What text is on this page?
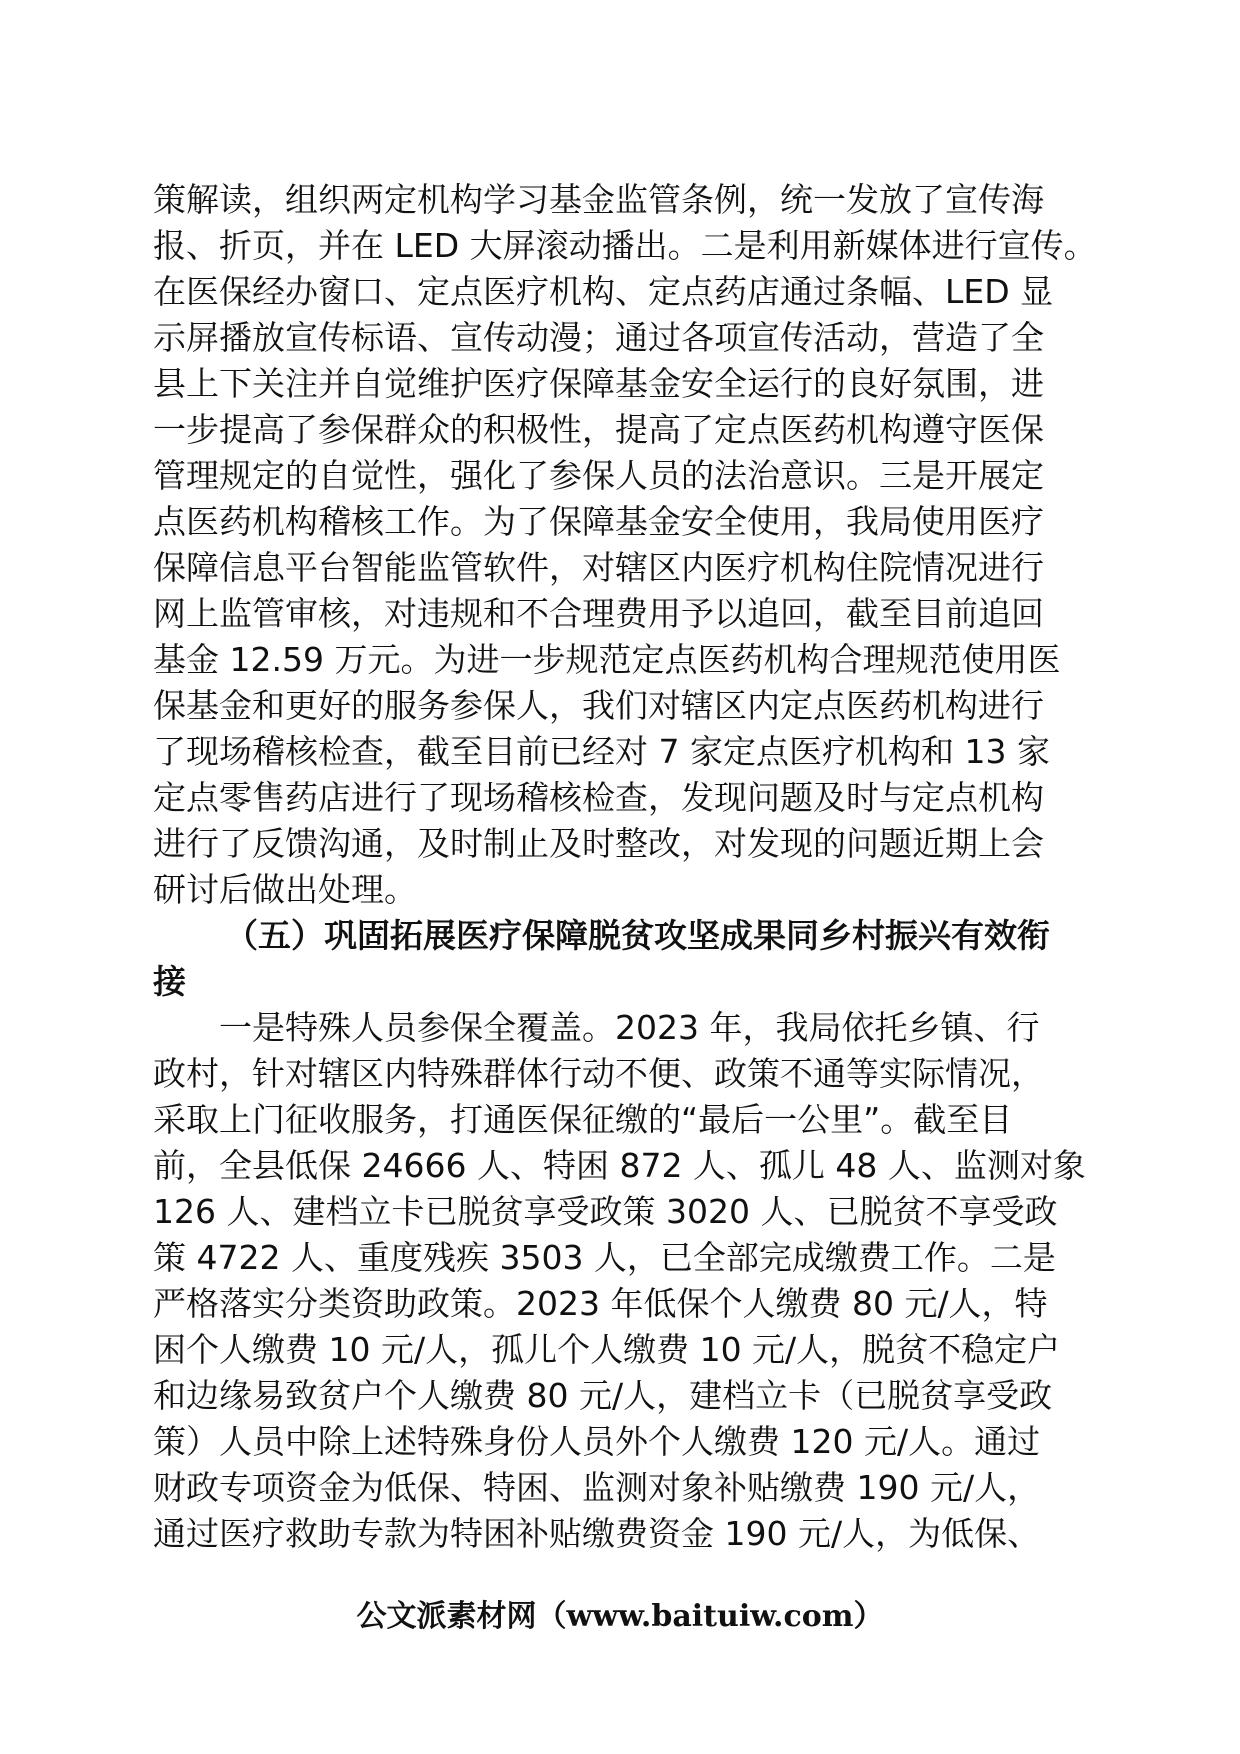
策解读，组织两定机构学习基金监管条例，统一发放了宣传海
报、折页，并在 LED 大屏滚动播出。二是利用新媒体进行宣传。
在医保经办窗口、定点医疗机构、定点药店通过条幅、LED 显
示屏播放宣传标语、宣传动漫；通过各项宣传活动，营造了全
县上下关注并自觉维护医疗保障基金安全运行的良好氛围，进
一步提高了参保群众的积极性，提高了定点医药机构遵守医保
管理规定的自觉性，强化了参保人员的法治意识。三是开展定
点医药机构稽核工作。为了保障基金安全使用，我局使用医疗
保障信息平台智能监管软件，对辖区内医疗机构住院情况进行
网上监管审核，对违规和不合理费用予以追回，截至目前追回
基金 12.59 万元。为进一步规范定点医药机构合理规范使用医
保基金和更好的服务参保人，我们对辖区内定点医药机构进行
了现场稽核检查，截至目前已经对 7 家定点医疗机构和 13 家
定点零售药店进行了现场稽核检查，发现问题及时与定点机构
进行了反馈沟通，及时制止及时整改，对发现的问题近期上会
研讨后做出处理。
（五）巩固拓展医疗保障脱贫攻坚成果同乡村振兴有效衔
接
一是特殊人员参保全覆盖。2023 年，我局依托乡镇、行
政村，针对辖区内特殊群体行动不便、政策不通等实际情况，
采取上门征收服务，打通医保征缴的“最后一公里”。截至目
前，全县低保 24666 人、特困 872 人、孤儿 48 人、监测对象
126 人、建档立卡已脱贫享受政策 3020 人、已脱贫不享受政
策 4722 人、重度残疾 3503 人，已全部完成缴费工作。二是
严格落实分类资助政策。2023 年低保个人缴费 80 元/人，特
困个人缴费 10 元/人，孤儿个人缴费 10 元/人，脱贫不稳定户
和边缘易致贫户个人缴费 80 元/人，建档立卡（已脱贫享受政
策）人员中除上述特殊身份人员外个人缴费 120 元/人。通过
财政专项资金为低保、特困、监测对象补贴缴费 190 元/人，
通过医疗救助专款为特困补贴缴费资金 190 元/人，为低保、
公文派素材网（www.baituiw.com）
